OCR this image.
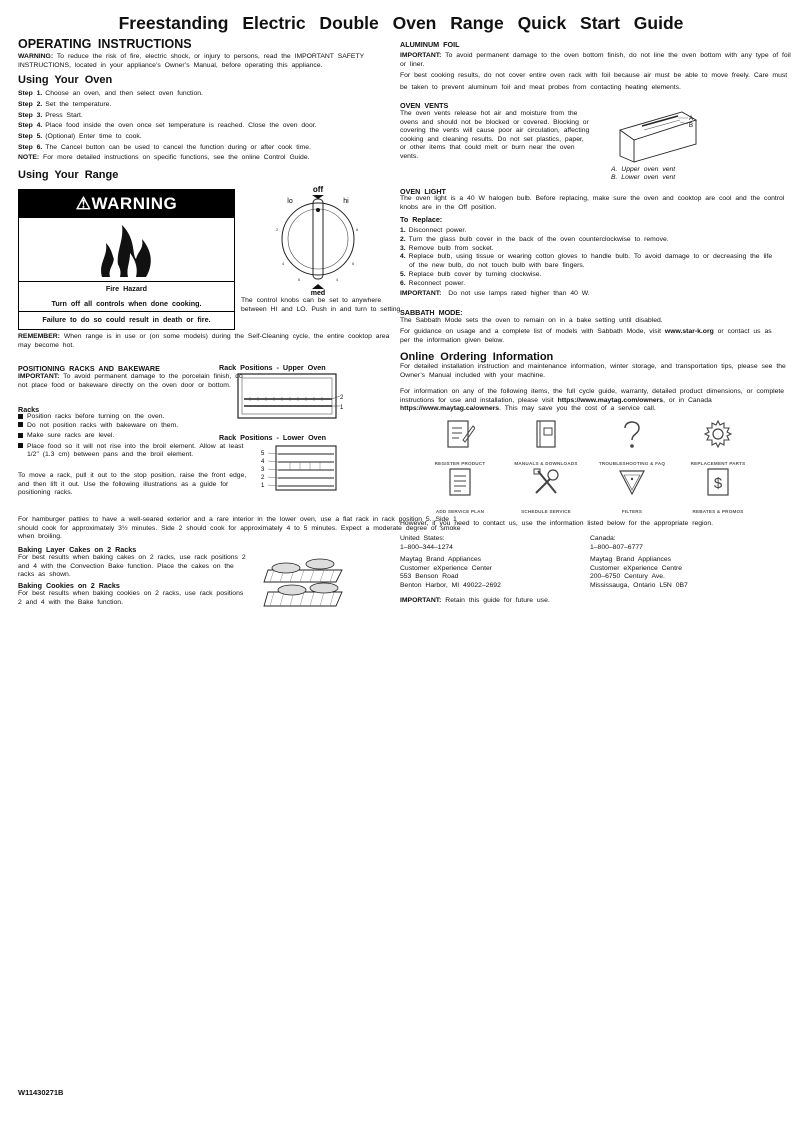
Freestanding Electric Double Oven Range Quick Start Guide
OPERATING INSTRUCTIONS
WARNING: To reduce the risk of fire, electric shock, or injury to persons, read the IMPORTANT SAFETY INSTRUCTIONS, located in your appliance’s Owner’s Manual, before operating this appliance.
Using Your Oven
Step 1. Choose an oven, and then select oven function.
Step 2. Set the temperature.
Step 3. Press Start.
Step 4. Place food inside the oven once set temperature is reached. Close the oven door.
Step 5. (Optional) Enter time to cook.
Step 6. The Cancel button can be used to cancel the function during or after cook time.
NOTE: For more detailed instructions on specific functions, see the online Control Guide.
Using Your Range
⚠WARNING
Fire Hazard
Turn off all controls when done cooking.
Failure to do so could result in death or fire.
off
lo	hi
med
2
4
6
8
6
4
The control knobs can be set to anywhere between HI and LO. Push in and turn to setting.
REMEMBER: When range is in use or (on some models) during the Self-Cleaning cycle, the entire cooktop area may become hot.
POSITIONING RACKS AND BAKEWARE
IMPORTANT: To avoid permanent damage to the porcelain finish, do not place food or bakeware directly on the oven door or bottom.
Rack Positions - Upper Oven
2
1
Racks
Position racks before turning on the oven.
Do not position racks with bakeware on them.
Make sure racks are level.
Place food so it will not rise into the broil element. Allow at least 1/2" (1.3 cm) between pans and the broil element.
Rack Positions - Lower Oven
5
4
3
2
1
To move a rack, pull it out to the stop position, raise the front edge, and then lift it out. Use the following illustrations as a guide for positioning racks.
For hamburger patties to have a well-seared exterior and a rare interior in the lower oven, use a flat rack in rack position 5. Side 1 should cook for approximately 3½ minutes. Side 2 should cook for approximately 4 to 5 minutes. Expect a moderate degree of smoke when broiling.
Baking Layer Cakes on 2 Racks
For best results when baking cakes on 2 racks, use rack positions 2 and 4 with the Convection Bake function. Place the cakes on the racks as shown.
Baking Cookies on 2 Racks
For best results when baking cookies on 2 racks, use rack positions 2 and 4 with the Bake function.
ALUMINUM FOIL
IMPORTANT: To avoid permanent damage to the oven bottom finish, do not line the oven bottom with any type of foil or liner.
For best cooking results, do not cover entire oven rack with foil because air must be able to move freely. Care must be taken to prevent aluminum foil and meat probes from contacting heating elements.
OVEN VENTS
The oven vents release hot air and moisture from the ovens and should not be blocked or covered. Blocking or covering the vents will cause poor air circulation, affecting cooking and cleaning results. Do not set plastics, paper, or other items that could melt or burn near the oven vents.
A
B
A. Upper oven vent
B. Lower oven vent
OVEN LIGHT
The oven light is a 40 W halogen bulb. Before replacing, make sure the oven and cooktop are cool and the control knobs are in the Off position.
To Replace:
1. Disconnect power.
2. Turn the glass bulb cover in the back of the oven counterclockwise to remove.
3. Remove bulb from socket.
4. Replace bulb, using tissue or wearing cotton gloves to handle bulb. To avoid damage to or decreasing the life of the new bulb, do not touch bulb with bare fingers.
5. Replace bulb cover by turning clockwise.
6. Reconnect power.
IMPORTANT: Do not use lamps rated higher than 40 W.
SABBATH MODE:
The Sabbath Mode sets the oven to remain on in a bake setting until disabled.
For guidance on usage and a complete list of models with Sabbath Mode, visit www.star-k.org or contact us as per the information given below.
Online Ordering Information
For detailed installation instruction and maintenance information, winter storage, and transportation tips, please see the Owner’s Manual included with your machine.
For information on any of the following items, the full cycle guide, warranty, detailed product dimensions, or complete instructions for use and installation, please visit https://www.maytag.com/owners, or in Canada https://www.maytag.ca/owners. This may save you the cost of a service call.
REGISTER PRODUCT	MANUALS & DOWNLOADS	TROUBLESHOOTING & FAQ	REPLACEMENT PARTS
ADD SERVICE PLAN	SCHEDULE SERVICE	FILTERS
$
REBATES & PROMOS
However, if you need to contact us, use the information listed below for the appropriate region.
United States:
1–800–344–1274
Maytag Brand Appliances
Customer eXperience Center
553 Benson Road
Benton Harbor, MI 49022–2692
Canada:
1–800–807–6777
Maytag Brand Appliances
Customer eXperience Centre
200–6750 Century Ave.
Mississauga, Ontario L5N 0B7
IMPORTANT: Retain this guide for future use.
W11430271B
